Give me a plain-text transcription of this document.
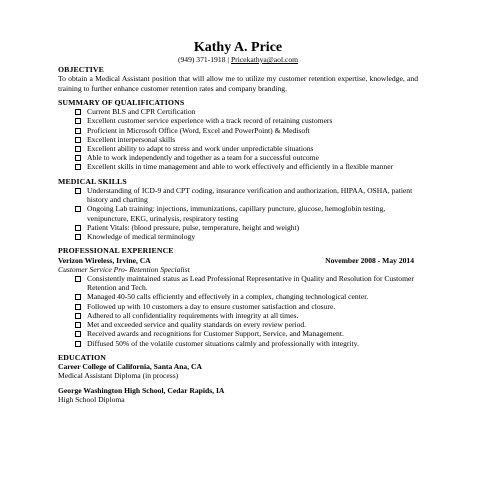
Kathy A. Price
(949) 371-1918 | Pricekathya@aol.com
OBJECTIVE
To obtain a Medical Assistant position that will allow me to utilize my customer retention expertise, knowledge, and training to further enhance customer retention rates and company branding.
SUMMARY OF QUALIFICATIONS
Current BLS and CPR Certification
Excellent customer service experience with a track record of retaining customers
Proficient in Microsoft Office (Word, Excel and PowerPoint) & Medisoft
Excellent interpersonal skills
Excellent ability to adapt to stress and work under unpredictable situations
Able to work independently and together as a team for a successful outcome
Excellent skills in time management and able to work effectively and efficiently in a flexible manner
MEDICAL SKILLS
Understanding of ICD-9 and CPT coding, insurance verification and authorization, HIPAA, OSHA, patient history and charting
Ongoing Lab training: injections, immunizations, capillary puncture, glucose, hemoglobin testing, venipuncture, EKG, urinalysis, respiratory testing
Patient Vitals: (blood pressure, pulse, temperature, height and weight)
Knowledge of medical terminology
PROFESSIONAL EXPERIENCE
Verizon Wireless, Irvine, CA	November 2008 - May 2014
Customer Service Pro- Retention Specialist
Consistently maintained status as Lead Professional Representative in Quality and Resolution for Customer Retention and Tech.
Managed 40-50 calls efficiently and effectively in a complex, changing technological center.
Followed up with 10 customers a day to ensure customer satisfaction and closure.
Adhered to all confidentiality requirements with integrity at all times.
Met and exceeded service and quality standards on every review period.
Received awards and recognitions for Customer Support, Service, and Management.
Diffused 50% of the volatile customer situations calmly and professionally with integrity.
EDUCATION
Career College of California, Santa Ana, CA
Medical Assistant Diploma (in process)
George Washington High School, Cedar Rapids, IA
High School Diploma
